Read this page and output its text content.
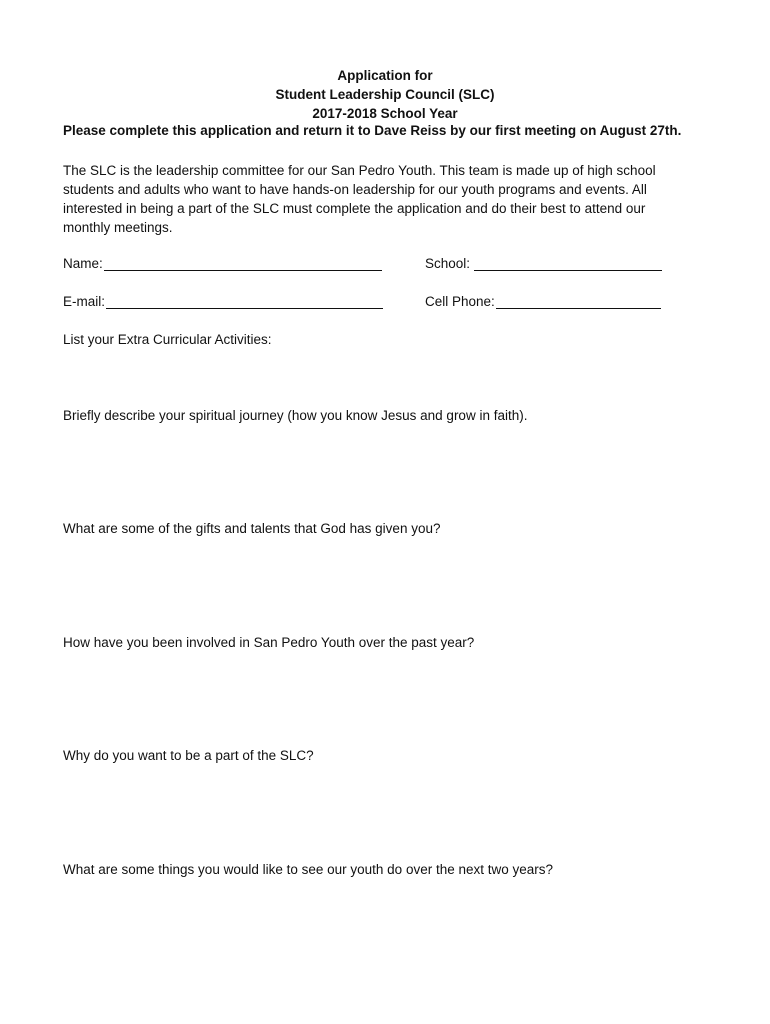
Application for
Student Leadership Council (SLC)
2017-2018 School Year
Please complete this application and return it to Dave Reiss by our first meeting on August 27th.
The SLC is the leadership committee for our San Pedro Youth. This team is made up of high school
students and adults who want to have hands-on leadership for our youth programs and events. All
interested in being a part of the SLC must complete the application and do their best to attend our
monthly meetings.
Name:	School:
E-mail:	Cell Phone:
List your Extra Curricular Activities:
Briefly describe your spiritual journey (how you know Jesus and grow in faith).
What are some of the gifts and talents that God has given you?
How have you been involved in San Pedro Youth over the past year?
Why do you want to be a part of the SLC?
What are some things you would like to see our youth do over the next two years?
